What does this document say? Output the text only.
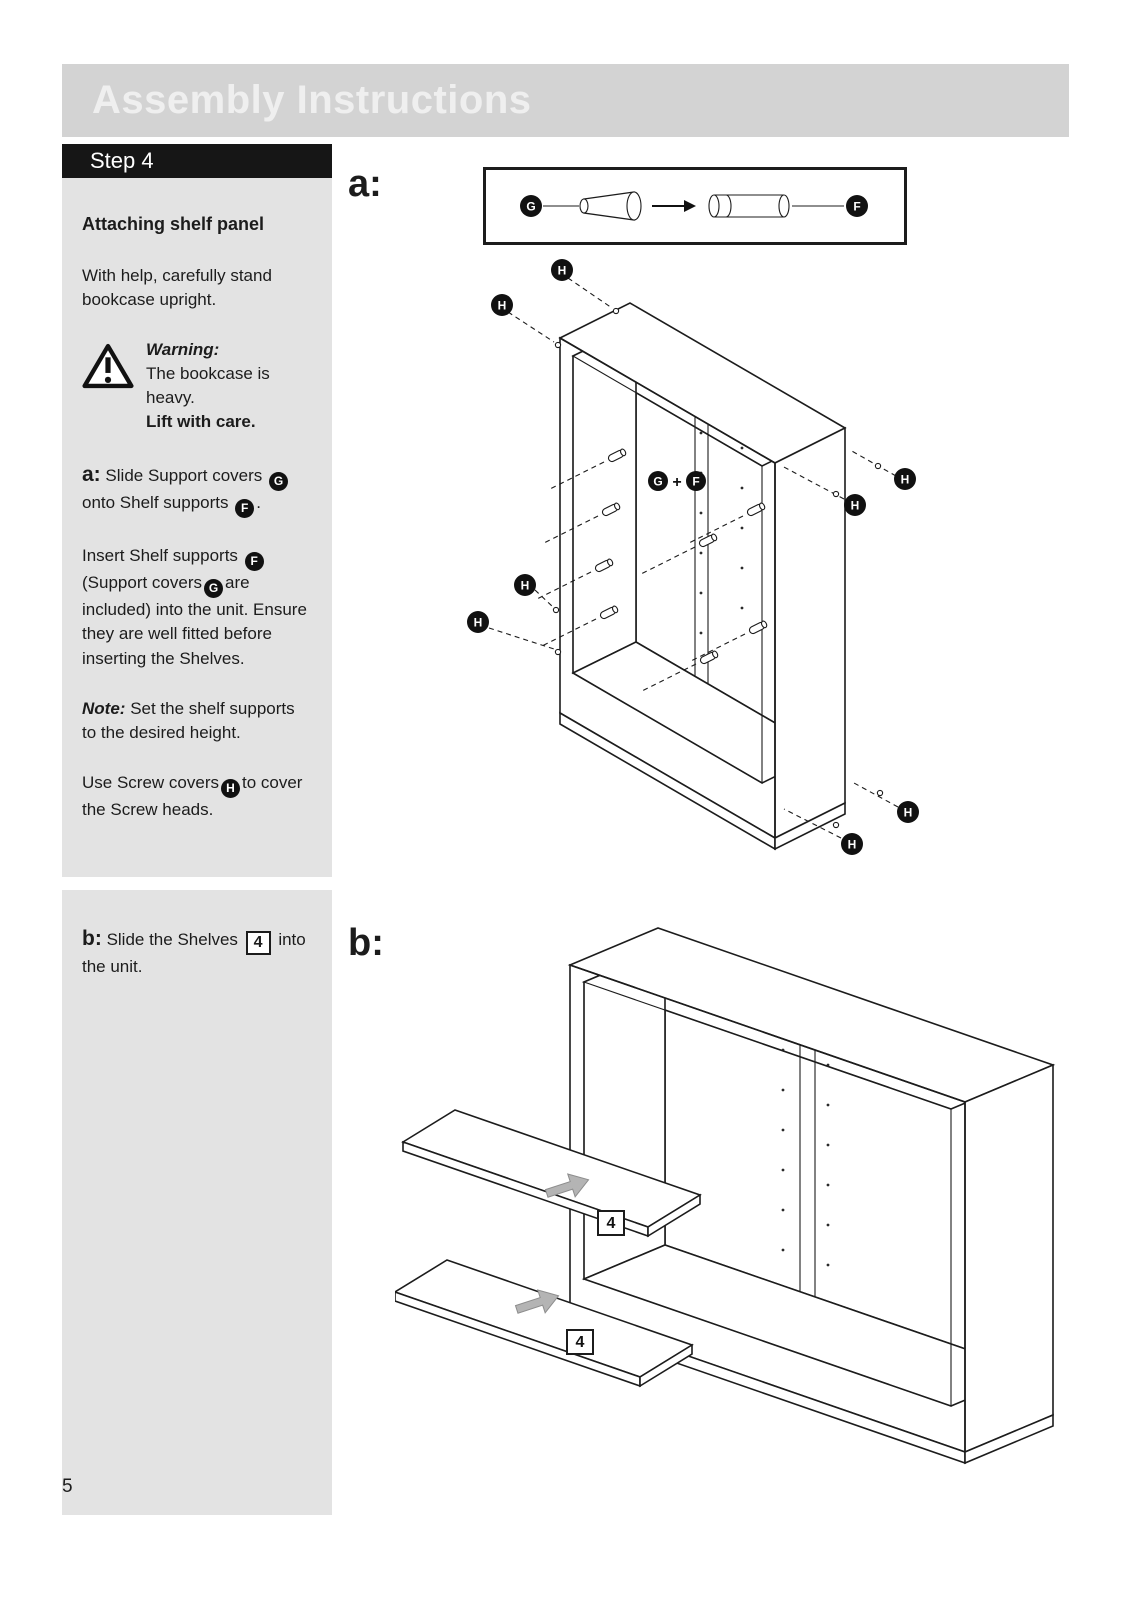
Assembly Instructions
Step 4
Attaching shelf panel

With help, carefully stand bookcase upright.

Warning:
The bookcase is heavy.
Lift with care.

a: Slide Support covers G onto Shelf supports F .

Insert Shelf supports F (Support covers G are included) into the unit. Ensure they are well fitted before inserting the Shelves.

Note: Set the shelf supports to the desired height.

Use Screw covers H to cover the Screw heads.

b: Slide the Shelves 4 into the unit.

a:
b:
G	F
H
H
H
H
H
H
H
H
G + F
4
4
5
